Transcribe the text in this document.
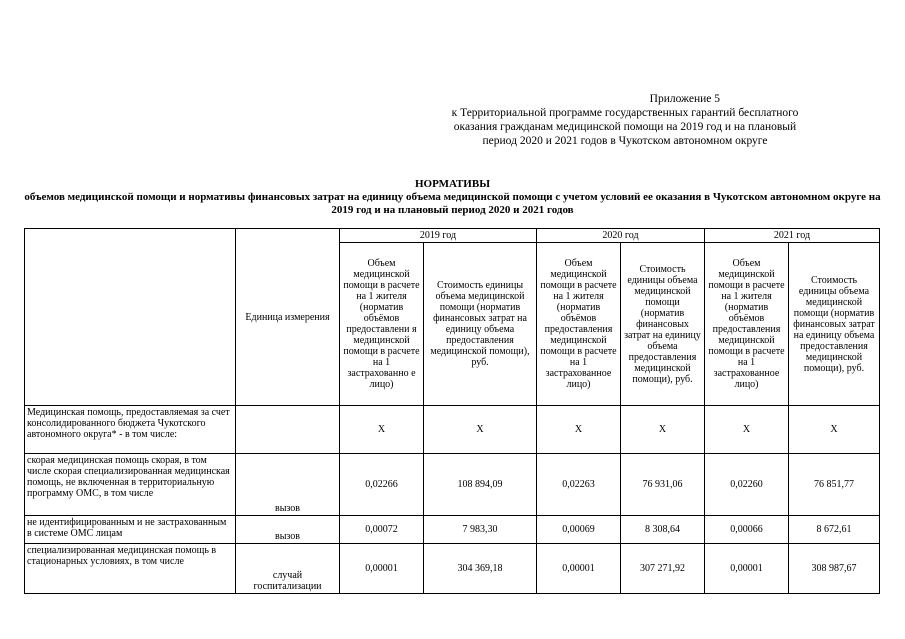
Приложение 5
к Территориальной программе государственных гарантий бесплатного
оказания гражданам медицинской помощи на 2019 год и на плановый
период 2020 и 2021 годов в Чукотском автономном округе
НОРМАТИВЫ
объемов медицинской помощи и нормативы финансовых затрат на единицу объема медицинской помощи с учетом условий ее оказания в Чукотском автономном округе на 2019 год и на плановый период 2020 и 2021 годов
	Единица измерения	2019 год		2020 год		2021 год	
		Объем медицинской помощи в расчете на 1 жителя (норматив объёмов предоставлени я медицинской помощи в расчете на 1 застрахованно е лицо)	Стоимость единицы объема медицинской помощи (норматив финансовых затрат на единицу объема предоставления медицинской помощи), руб.	Объем медицинской помощи в расчете на 1 жителя (норматив объёмов предоставления медицинской помощи в расчете на 1 застрахованное лицо)	Стоимость единицы объема медицинской помощи (норматив финансовых затрат на единицу объема предоставления медицинской помощи), руб.	Объем медицинской помощи в расчете на 1 жителя (норматив объёмов предоставления медицинской помощи в расчете на 1 застрахованное лицо)	Стоимость единицы объема медицинской помощи (норматив финансовых затрат на единицу объема предоставления медицинской помощи), руб.
Медицинская помощь, предоставляемая за счет консолидированного бюджета Чукотского автономного округа* - в том числе:		Х	Х	Х	Х	Х	Х
скорая медицинская помощь скорая, в том числе скорая специализированная медицинская помощь, не включенная в территориальную программу ОМС, в том числе	вызов	0,02266	108 894,09	0,02263	76 931,06	0,02260	76 851,77
не идентифицированным и не застрахованным в системе ОМС лицам	вызов	0,00072	7 983,30	0,00069	8 308,64	0,00066	8 672,61
специализированная медицинская помощь в стационарных условиях, в том числе	случай госпитализации	0,00001	304 369,18	0,00001	307 271,92	0,00001	308 987,67
